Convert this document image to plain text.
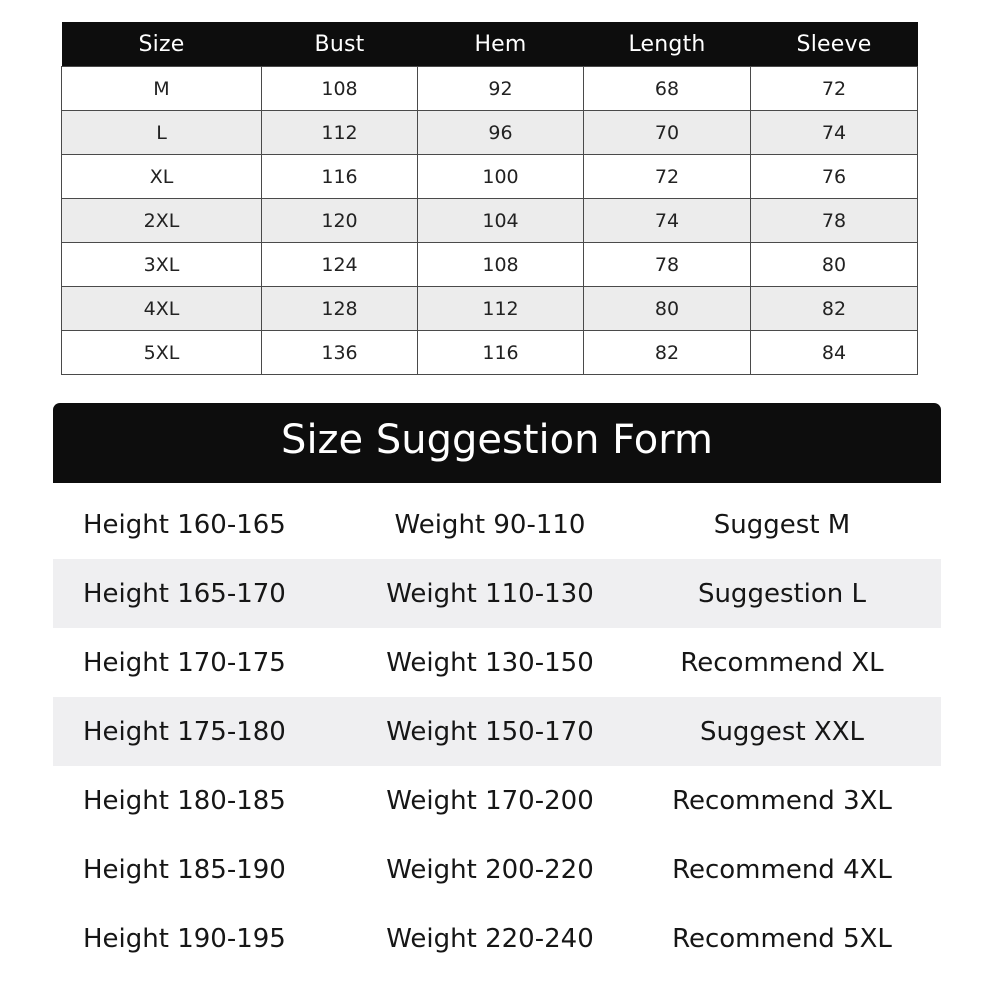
Size	Bust	Hem	Length	Sleeve
M	108	92	68	72
L	112	96	70	74
XL	116	100	72	76
2XL	120	104	74	78
3XL	124	108	78	80
4XL	128	112	80	82
5XL	136	116	82	84
Size Suggestion Form
Height 160-165	Weight 90-110	Suggest M
Height 165-170	Weight 110-130	Suggestion L
Height 170-175	Weight 130-150	Recommend XL
Height 175-180	Weight 150-170	Suggest XXL
Height 180-185	Weight 170-200	Recommend 3XL
Height 185-190	Weight 200-220	Recommend 4XL
Height 190-195	Weight 220-240	Recommend 5XL
